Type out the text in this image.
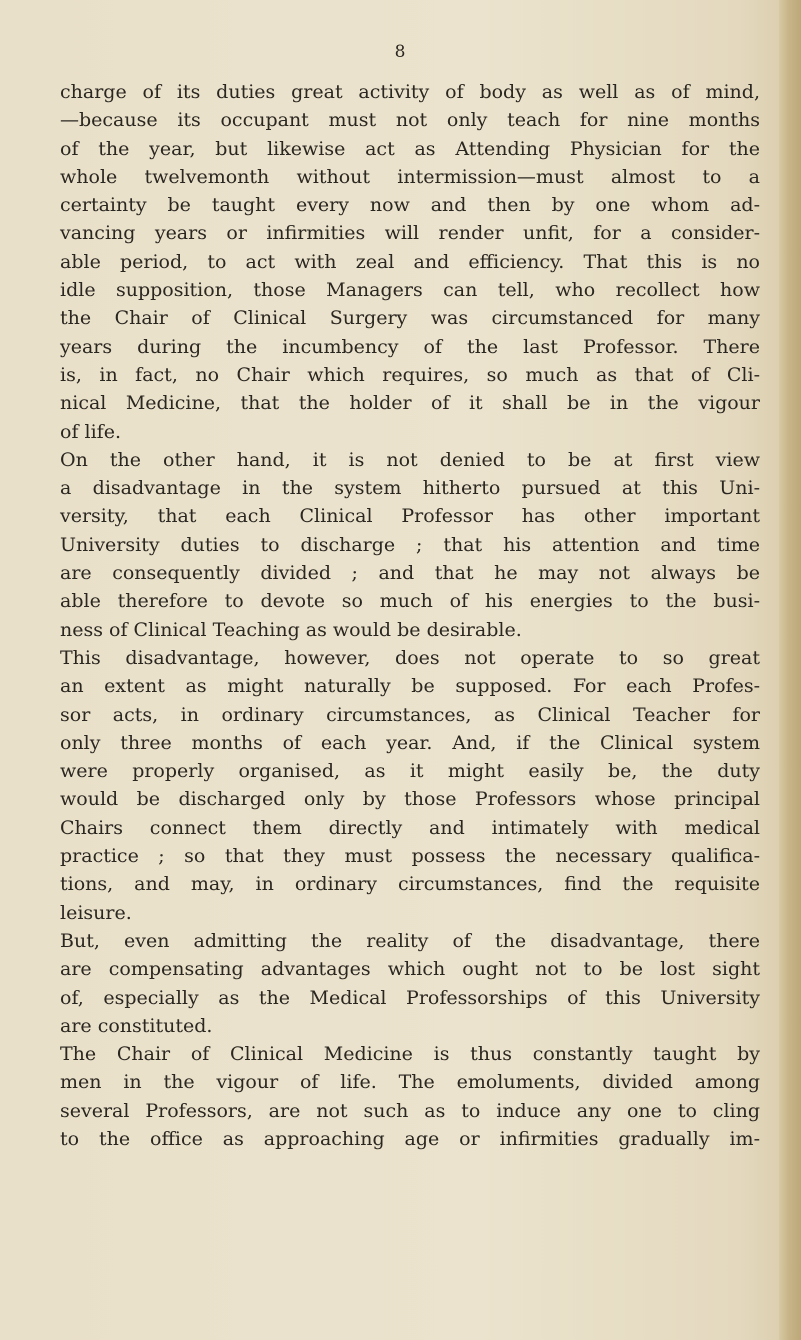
8
charge of its duties great activity of body as well as of mind,
—because its occupant must not only teach for nine months
of the year, but likewise act as Attending Physician for the
whole twelvemonth without intermission—must almost to a
certainty be taught every now and then by one whom ad-
vancing years or infirmities will render unfit, for a consider-
able period, to act with zeal and efficiency. That this is no
idle supposition, those Managers can tell, who recollect how
the Chair of Clinical Surgery was circumstanced for many
years during the incumbency of the last Professor. There
is, in fact, no Chair which requires, so much as that of Cli-
nical Medicine, that the holder of it shall be in the vigour
of life.
On the other hand, it is not denied to be at first view
a disadvantage in the system hitherto pursued at this Uni-
versity, that each Clinical Professor has other important
University duties to discharge ; that his attention and time
are consequently divided ; and that he may not always be
able therefore to devote so much of his energies to the busi-
ness of Clinical Teaching as would be desirable.
This disadvantage, however, does not operate to so great
an extent as might naturally be supposed. For each Profes-
sor acts, in ordinary circumstances, as Clinical Teacher for
only three months of each year. And, if the Clinical system
were properly organised, as it might easily be, the duty
would be discharged only by those Professors whose principal
Chairs connect them directly and intimately with medical
practice ; so that they must possess the necessary qualifica-
tions, and may, in ordinary circumstances, find the requisite
leisure.
But, even admitting the reality of the disadvantage, there
are compensating advantages which ought not to be lost sight
of, especially as the Medical Professorships of this University
are constituted.
The Chair of Clinical Medicine is thus constantly taught by
men in the vigour of life. The emoluments, divided among
several Professors, are not such as to induce any one to cling
to the office as approaching age or infirmities gradually im-
